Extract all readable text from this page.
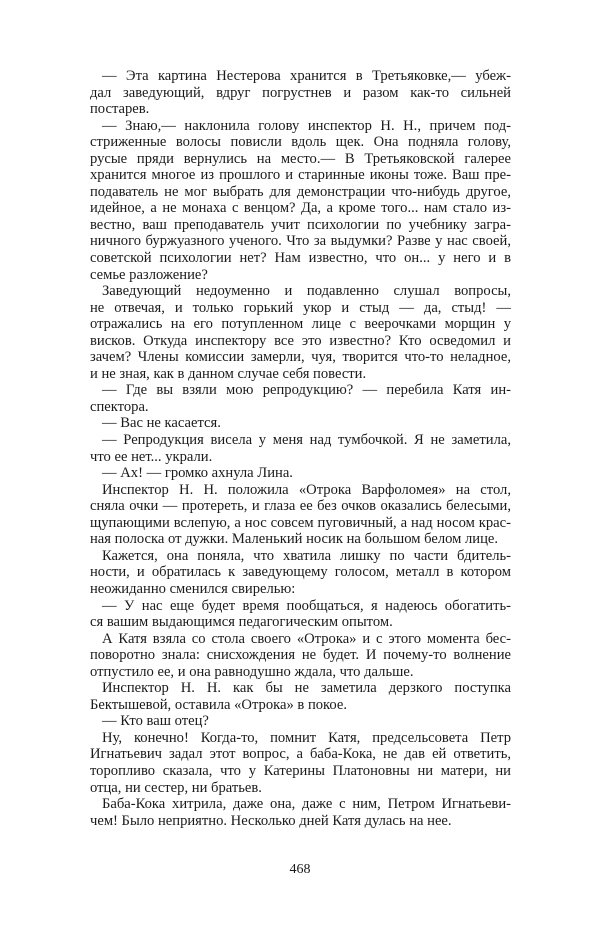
— Эта картина Нестерова хранится в Третьяковке,— убеж-
дал заведующий, вдруг погрустнев и разом как-то сильней
постарев.
— Знаю,— наклонила голову инспектор Н. Н., причем под-
стриженные волосы повисли вдоль щек. Она подняла голову,
русые пряди вернулись на место.— В Третьяковской галерее
хранится многое из прошлого и старинные иконы тоже. Ваш пре-
подаватель не мог выбрать для демонстрации что-нибудь другое,
идейное, а не монаха с венцом? Да, а кроме того... нам стало из-
вестно, ваш преподаватель учит психологии по учебнику загра-
ничного буржуазного ученого. Что за выдумки? Разве у нас своей,
советской психологии нет? Нам известно, что он... у него и в
семье разложение?
Заведующий недоуменно и подавленно слушал вопросы,
не отвечая, и только горький укор и стыд — да, стыд! —
отражались на его потупленном лице с веерочками морщин у
висков. Откуда инспектору все это известно? Кто осведомил и
зачем? Члены комиссии замерли, чуя, творится что-то неладное,
и не зная, как в данном случае себя повести.
— Где вы взяли мою репродукцию? — перебила Катя ин-
спектора.
— Вас не касается.
— Репродукция висела у меня над тумбочкой. Я не заметила,
что ее нет... украли.
— Ах! — громко ахнула Лина.
Инспектор Н. Н. положила «Отрока Варфоломея» на стол,
сняла очки — протереть, и глаза ее без очков оказались белесыми,
щупающими вслепую, а нос совсем пуговичный, а над носом крас-
ная полоска от дужки. Маленький носик на большом белом лице.
Кажется, она поняла, что хватила лишку по части бдитель-
ности, и обратилась к заведующему голосом, металл в котором
неожиданно сменился свирелью:
— У нас еще будет время пообщаться, я надеюсь обогатить-
ся вашим выдающимся педагогическим опытом.
А Катя взяла со стола своего «Отрока» и с этого момента бес-
поворотно знала: снисхождения не будет. И почему-то волнение
отпустило ее, и она равнодушно ждала, что дальше.
Инспектор Н. Н. как бы не заметила дерзкого поступка
Бектышевой, оставила «Отрока» в покое.
— Кто ваш отец?
Ну, конечно! Когда-то, помнит Катя, предсельсовета Петр
Игнатьевич задал этот вопрос, а баба-Кока, не дав ей ответить,
торопливо сказала, что у Катерины Платоновны ни матери, ни
отца, ни сестер, ни братьев.
Баба-Кока хитрила, даже она, даже с ним, Петром Игнатьеви-
чем! Было неприятно. Несколько дней Катя дулась на нее.
468
